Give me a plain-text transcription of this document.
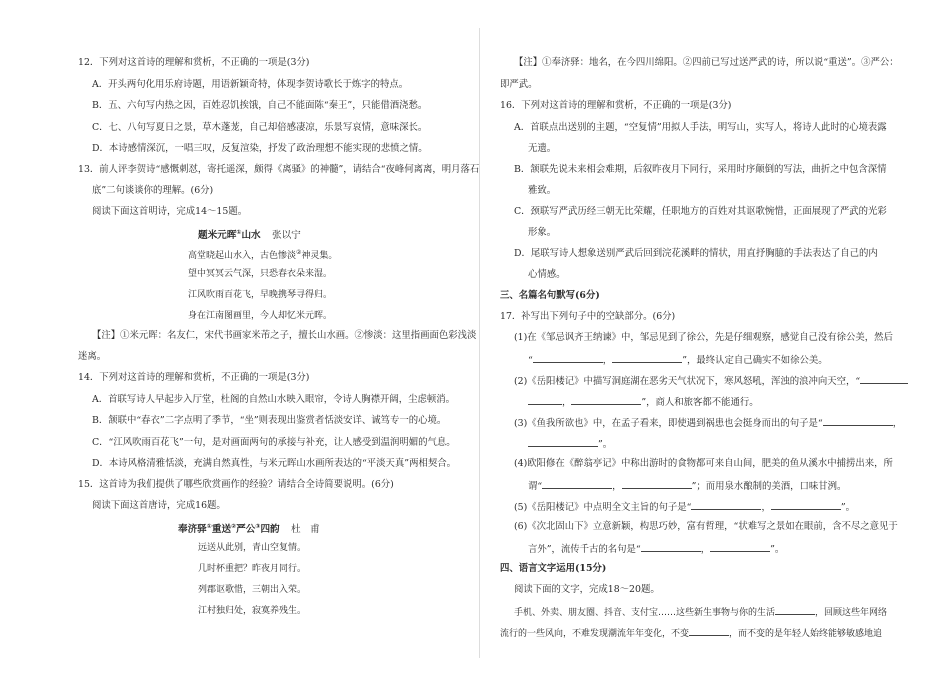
12．下列对这首诗的理解和赏析，不正确的一项是(3分)
A．开头两句化用乐府诗题，用语新颖奇特，体现李贺诗歌长于炼字的特点。
B．五、六句写内热之因，百姓忍饥挨饿，自己不能面陈“秦王”，只能借酒浇愁。
C．七、八句写夏日之景，草木蓬茏，自己却倍感凄凉，乐景写哀情，意味深长。
D．本诗感情深沉，一唱三叹，反复渲染，抒发了政治理想不能实现的悲愤之情。
13．前人评李贺诗“感慨刺怼，寄托遥深，颇得《离骚》的神髓”，请结合“夜峰何离离，明月落石
底”二句谈谈你的理解。(6分)
阅读下面这首明诗，完成14～15题。
题米元晖①山水 张以宁
高堂晓起山水入，古色惨淡②神灵集。
望中冥冥云气深，只恐春衣朵来湿。
江风吹雨百花飞，早晚携琴寻得归。
身在江南图画里，今人却忆米元晖。
【注】①米元晖：名友仁，宋代书画家米芾之子，擅长山水画。②惨淡：这里指画面色彩浅淡
迷离。
14．下列对这首诗的理解和赏析，不正确的一项是(3分)
A．首联写诗人早起步入厅堂，杜阁的自然山水映入眼帘，令诗人胸襟开阔，尘虑顿消。
B．颔联中“春衣”二字点明了季节，“坐”则表现出鉴赏者恬淡安详、诚笃专一的心境。
C．“江风吹雨百花飞”一句，是对画面两句的承接与补充，让人感受到温润明媚的气息。
D．本诗风格清雅恬淡，充满自然真性，与米元晖山水画所表达的“平淡天真”两相契合。
15．这首诗为我们提供了哪些欣赏画作的经验？请结合全诗简要说明。(6分)
阅读下面这首唐诗，完成16题。
奉济驿①重送②严公③四韵 杜　甫
远送从此别，青山空复情。
几时杯重把？昨夜月同行。
列郡讴歌惜，三朝出入荣。
江村独归处，寂寞养残生。
【注】①奉济驿：地名，在今四川绵阳。②四前已写过送严武的诗，所以说“重送”。③严公：
即严武。
16．下列对这首诗的理解和赏析，不正确的一项是(3分)
A．首联点出送别的主题，“空复情”用拟人手法，明写山，实写人，将诗人此时的心境表露
无遗。
B．颔联先说未来相会难期，后叙昨夜月下同行，采用时序颠倒的写法，曲折之中包含深情
雅致。
C．颈联写严武历经三朝无比荣耀，任职地方的百姓对其讴歌惋惜，正面展现了严武的光彩
形象。
D．尾联写诗人想象送别严武后回到浣花溪畔的情状，用直抒胸臆的手法表达了自己的内
心情感。
三、名篇名句默写(6分)
17．补写出下列句子中的空缺部分。(6分)
(1)在《邹忌讽齐王纳谏》中，邹忌见到了徐公，先是仔细观察，感觉自己没有徐公美，然后
“	，	”，最终认定自己确实不如徐公美。
(2)《岳阳楼记》中描写洞庭湖在恶劣天气状况下，寒风怒吼，浑浊的浪冲向天空，“
，	”，商人和旅客都不能通行。
(3)《鱼我所欲也》中，在孟子看来，即使遇到祸患也会挺身而出的句子是“	，
”。
(4)欧阳修在《醉翁亭记》中称出游时的食物都可来自山间，肥美的鱼从溪水中捕捞出来，所
谓“	，	”；而用泉水酿制的美酒，口味甘洌。
(5)《岳阳楼记》中点明全文主旨的句子是“	，	”。
(6)《次北固山下》立意新颖，构思巧妙，富有哲理，“状难写之景如在眼前，含不尽之意见于
言外”，流传千古的名句是“	，	”。
四、语言文字运用(15分)
阅读下面的文字，完成18～20题。
手机、外卖、朋友圈、抖音、支付宝……这些新生事物与你的生活	，回顾这些年网络
流行的一些风向，不难发现潮流年年变化，不变	，而不变的是年轻人始终能够敏感地追
